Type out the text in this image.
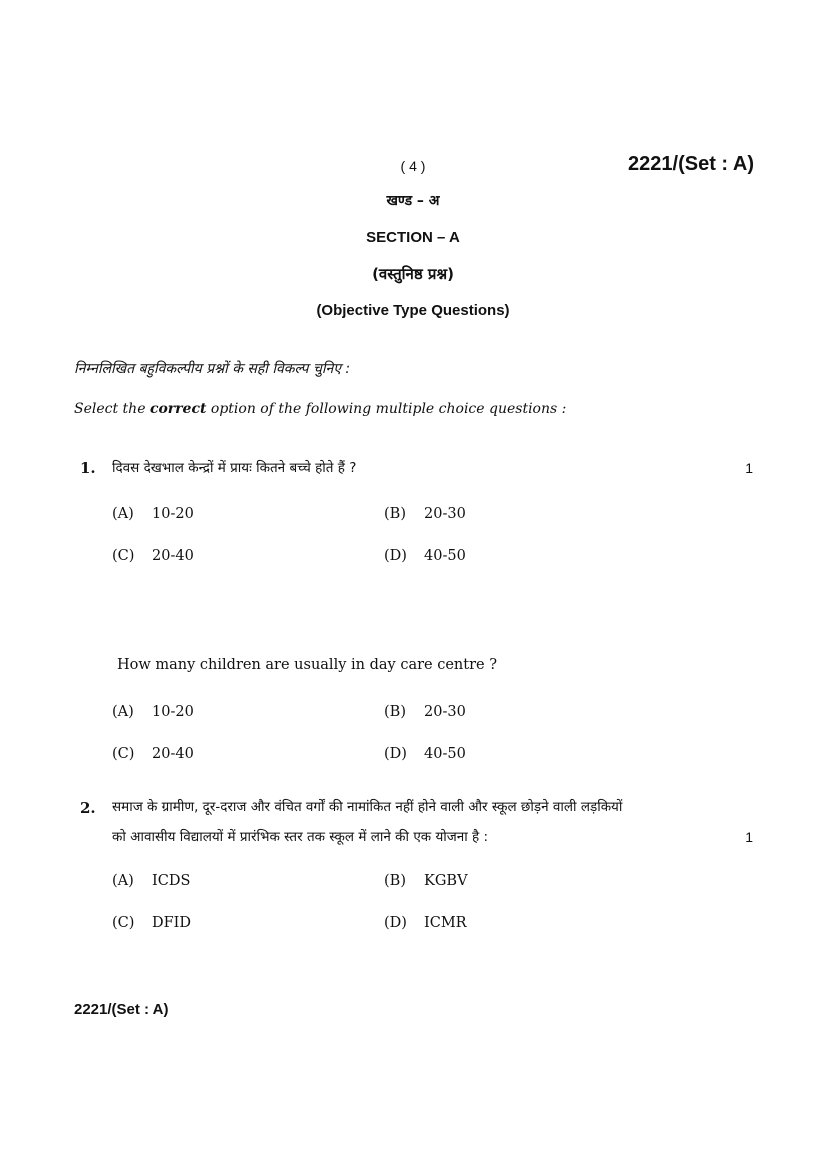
( 4 )	2221/(Set : A)
खण्ड – अ
SECTION – A
(वस्तुनिष्ठ प्रश्न)
(Objective Type Questions)
निम्नलिखित बहुविकल्पीय प्रश्नों के सही विकल्प चुनिए :
Select the correct option of the following multiple choice questions :
1. दिवस देखभाल केन्द्रों में प्रायः कितने बच्चे होते हैं ?	1
(A) 10-20	(B) 20-30
(C) 20-40	(D) 40-50
How many children are usually in day care centre ?
(A) 10-20	(B) 20-30
(C) 20-40	(D) 40-50
2. समाज के ग्रामीण, दूर-दराज और वंचित वर्गों की नामांकित नहीं होने वाली और स्कूल छोड़ने वाली लड़कियों
को आवासीय विद्यालयों में प्रारंभिक स्तर तक स्कूल में लाने की एक योजना है :	1
(A) ICDS	(B) KGBV
(C) DFID	(D) ICMR
2221/(Set : A)
